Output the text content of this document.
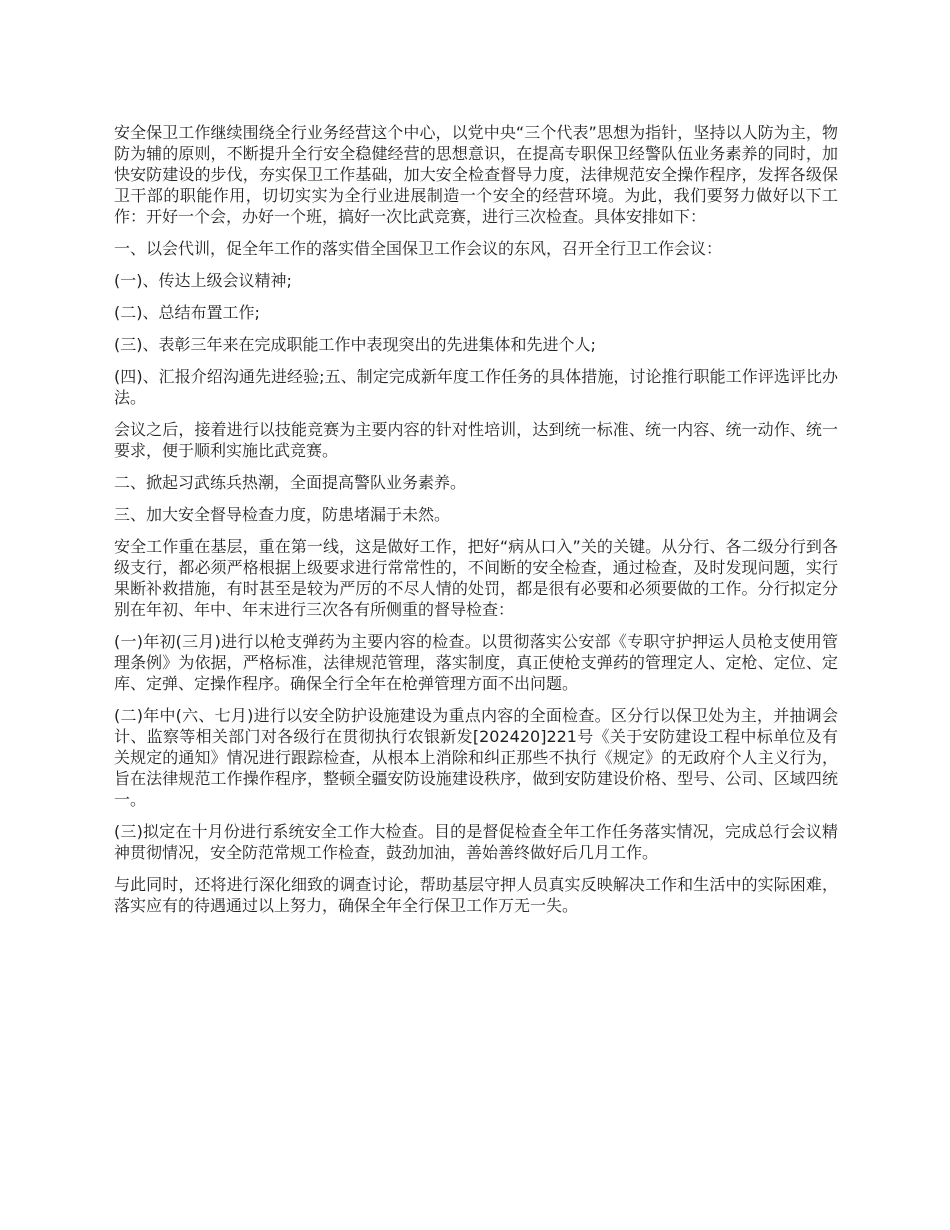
安全保卫工作继续围绕全行业务经营这个中心，以党中央“三个代表”思想为指针，坚持以人防为主，物防为辅的原则，不断提升全行安全稳健经营的思想意识，在提高专职保卫经警队伍业务素养的同时，加快安防建设的步伐，夯实保卫工作基础，加大安全检查督导力度，法律规范安全操作程序，发挥各级保卫干部的职能作用，切切实实为全行业进展制造一个安全的经营环境。为此，我们要努力做好以下工作：开好一个会，办好一个班，搞好一次比武竞赛，进行三次检查。具体安排如下：

一、以会代训，促全年工作的落实借全国保卫工作会议的东风，召开全行卫工作会议：

(一)、传达上级会议精神;

(二)、总结布置工作;

(三)、表彰三年来在完成职能工作中表现突出的先进集体和先进个人;

(四)、汇报介绍沟通先进经验;五、制定完成新年度工作任务的具体措施，讨论推行职能工作评选评比办法。

会议之后，接着进行以技能竞赛为主要内容的针对性培训，达到统一标准、统一内容、统一动作、统一要求，便于顺利实施比武竞赛。

二、掀起习武练兵热潮，全面提高警队业务素养。

三、加大安全督导检查力度，防患堵漏于未然。

安全工作重在基层，重在第一线，这是做好工作，把好“病从口入”关的关键。从分行、各二级分行到各级支行，都必须严格根据上级要求进行常常性的，不间断的安全检查，通过检查，及时发现问题，实行果断补救措施，有时甚至是较为严厉的不尽人情的处罚，都是很有必要和必须要做的工作。分行拟定分别在年初、年中、年末进行三次各有所侧重的督导检查：

(一)年初(三月)进行以枪支弹药为主要内容的检查。以贯彻落实公安部《专职守护押运人员枪支使用管理条例》为依据，严格标准，法律规范管理，落实制度，真正使枪支弹药的管理定人、定枪、定位、定库、定弹、定操作程序。确保全行全年在枪弹管理方面不出问题。

(二)年中(六、七月)进行以安全防护设施建设为重点内容的全面检查。区分行以保卫处为主，并抽调会计、监察等相关部门对各级行在贯彻执行农银新发[202420]221号《关于安防建设工程中标单位及有关规定的通知》情况进行跟踪检查，从根本上消除和纠正那些不执行《规定》的无政府个人主义行为，旨在法律规范工作操作程序，整顿全疆安防设施建设秩序，做到安防建设价格、型号、公司、区域四统一。

(三)拟定在十月份进行系统安全工作大检查。目的是督促检查全年工作任务落实情况，完成总行会议精神贯彻情况，安全防范常规工作检查，鼓劲加油，善始善终做好后几月工作。

与此同时，还将进行深化细致的调查讨论，帮助基层守押人员真实反映解决工作和生活中的实际困难，落实应有的待遇通过以上努力，确保全年全行保卫工作万无一失。
